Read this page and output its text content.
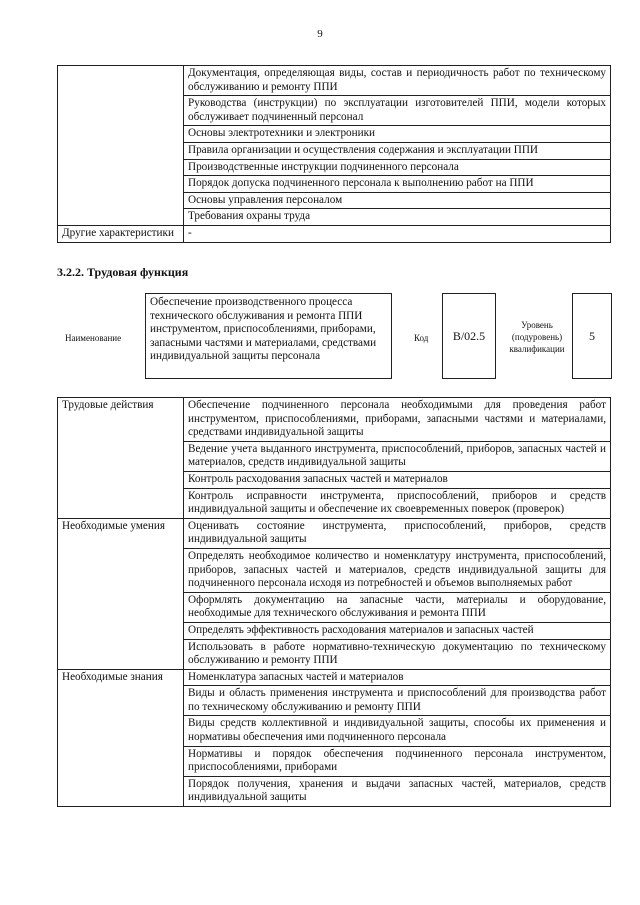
9
	Документация, определяющая виды, состав и периодичность работ по техническому обслуживанию и ремонту ППИ
	Руководства (инструкции) по эксплуатации изготовителей ППИ, модели которых обслуживает подчиненный персонал
	Основы электротехники и электроники
	Правила организации и осуществления содержания и эксплуатации ППИ
	Производственные инструкции подчиненного персонала
	Порядок допуска подчиненного персонала к выполнению работ на ППИ
	Основы управления персоналом
	Требования охраны труда
Другие характеристики	-
3.2.2. Трудовая функция
Наименование
Обеспечение производственного процесса технического обслуживания и ремонта ППИ инструментом, приспособлениями, приборами, запасными частями и материалами, средствами индивидуальной защиты персонала
Код	B/02.5
Уровень (подуровень) квалификации
5
Трудовые действия	Обеспечение подчиненного персонала необходимыми для проведения работ инструментом, приспособлениями, приборами, запасными частями и материалами, средствами индивидуальной защиты
	Ведение учета выданного инструмента, приспособлений, приборов, запасных частей и материалов, средств индивидуальной защиты
	Контроль расходования запасных частей и материалов
	Контроль исправности инструмента, приспособлений, приборов и средств индивидуальной защиты и обеспечение их своевременных поверок (проверок)
Необходимые умения	Оценивать состояние инструмента, приспособлений, приборов, средств индивидуальной защиты
	Определять необходимое количество и номенклатуру инструмента, приспособлений, приборов, запасных частей и материалов, средств индивидуальной защиты для подчиненного персонала исходя из потребностей и объемов выполняемых работ
	Оформлять документацию на запасные части, материалы и оборудование, необходимые для технического обслуживания и ремонта ППИ
	Определять эффективность расходования материалов и запасных частей
	Использовать в работе нормативно-техническую документацию по техническому обслуживанию и ремонту ППИ
Необходимые знания	Номенклатура запасных частей и материалов
	Виды и область применения инструмента и приспособлений для производства работ по техническому обслуживанию и ремонту ППИ
	Виды средств коллективной и индивидуальной защиты, способы их применения и нормативы обеспечения ими подчиненного персонала
	Нормативы и порядок обеспечения подчиненного персонала инструментом, приспособлениями, приборами
	Порядок получения, хранения и выдачи запасных частей, материалов, средств индивидуальной защиты
